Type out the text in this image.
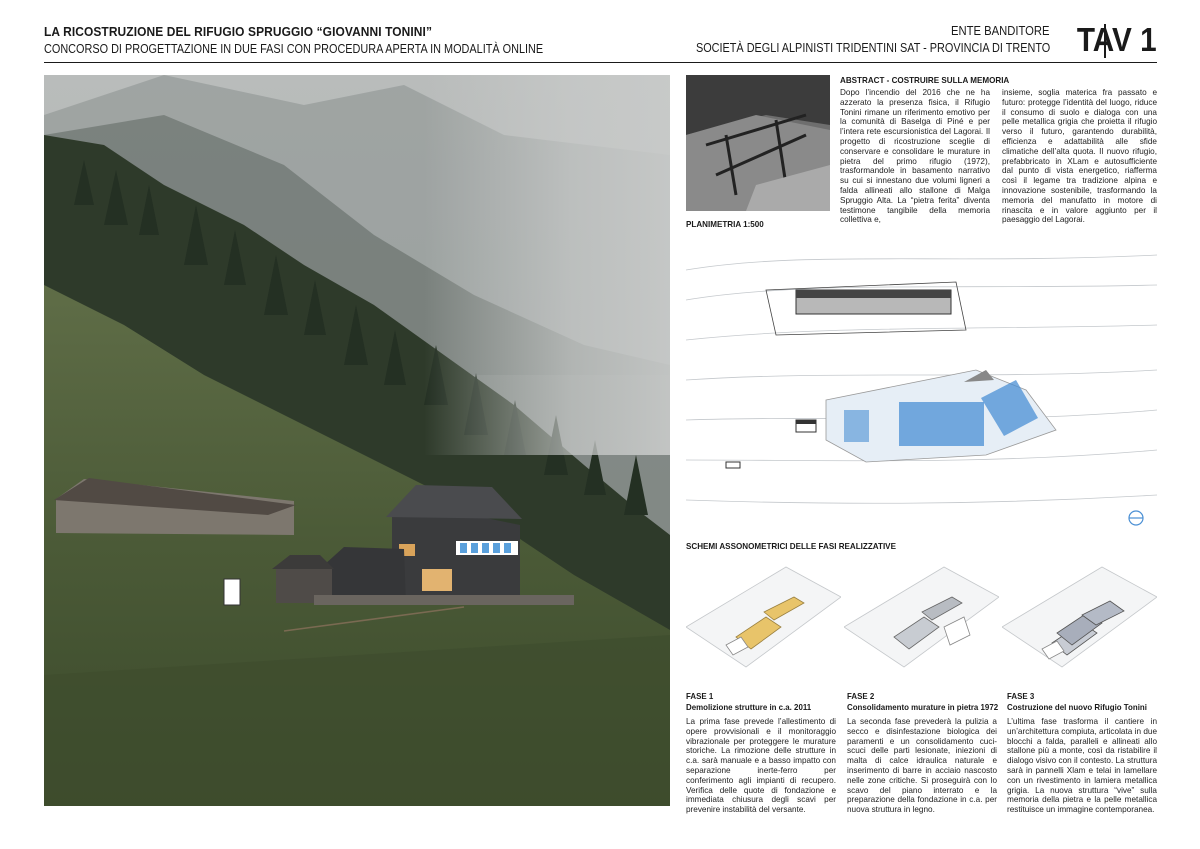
LA RICOSTRUZIONE DEL RIFUGIO SPRUGGIO “GIOVANNI TONINI”
CONCORSO DI PROGETTAZIONE IN DUE FASI CON PROCEDURA APERTA IN MODALITÀ ONLINE
ENTE BANDITORE
SOCIETÀ DEGLI ALPINISTI TRIDENTINI SAT - PROVINCIA DI TRENTO TAV 1
ABSTRACT - COSTRUIRE SULLA MEMORIA
Dopo l’incendio del 2016 che ne ha azzerato la presenza fisica, il Rifugio Tonini rimane un riferimento emotivo per la comunità di Baselga di Piné e per l’intera rete escursionistica del Lagorai. Il progetto di ricostruzione sceglie di conservare e consolidare le murature in pietra del primo rifugio (1972), trasformandole in basamento narrativo su cui si innestano due volumi ligneri a falda allineati allo stallone di Malga Spruggio Alta. La “pietra ferita” diventa testimone tangibile della memoria collettiva e,
insieme, soglia materica fra passato e futuro: protegge l’identità del luogo, riduce il consumo di suolo e dialoga con una pelle metallica grigia che proietta il rifugio verso il futuro, garantendo durabilità, efficienza e adattabilità alle sfide climatiche dell’alta quota. Il nuovo rifugio, prefabbricato in XLam e autosufficiente dal punto di vista energetico, riafferma così il legame tra tradizione alpina e innovazione sostenibile, trasformando la memoria del manufatto in motore di rinascita e in valore aggiunto per il paesaggio del Lagorai.
PLANIMETRIA 1:500
SCHEMI ASSONOMETRICI DELLE FASI REALIZZATIVE
FASE 1
Demolizione strutture in c.a. 2011
La prima fase prevede l’allestimento di opere provvisionali e il monitoraggio vibrazionale per proteggere le murature storiche. La rimozione delle strutture in c.a. sarà manuale e a basso impatto con separazione inerte-ferro per conferimento agli impianti di recupero. Verifica delle quote di fondazione e immediata chiusura degli scavi per prevenire instabilità del versante.
FASE 2
Consolidamento murature in pietra 1972
La seconda fase prevederà la pulizia a secco e disinfestazione biologica dei paramenti e un consolidamento cuci-scuci delle parti lesionate, iniezioni di malta di calce idraulica naturale e inserimento di barre in acciaio nascosto nelle zone critiche. Si proseguirà con lo scavo del piano interrato e la preparazione della fondazione in c.a. per nuova struttura in legno.
FASE 3
Costruzione del nuovo Rifugio Tonini
L’ultima fase trasforma il cantiere in un’architettura compiuta, articolata in due blocchi a falda, paralleli e allineati allo stallone più a monte, così da ristabilire il dialogo visivo con il contesto. La struttura sarà in pannelli Xlam e telai in lamellare con un rivestimento in lamiera metallica grigia. La nuova struttura “vive” sulla memoria della pietra e la pelle metallica restituisce un immagine contemporanea.
